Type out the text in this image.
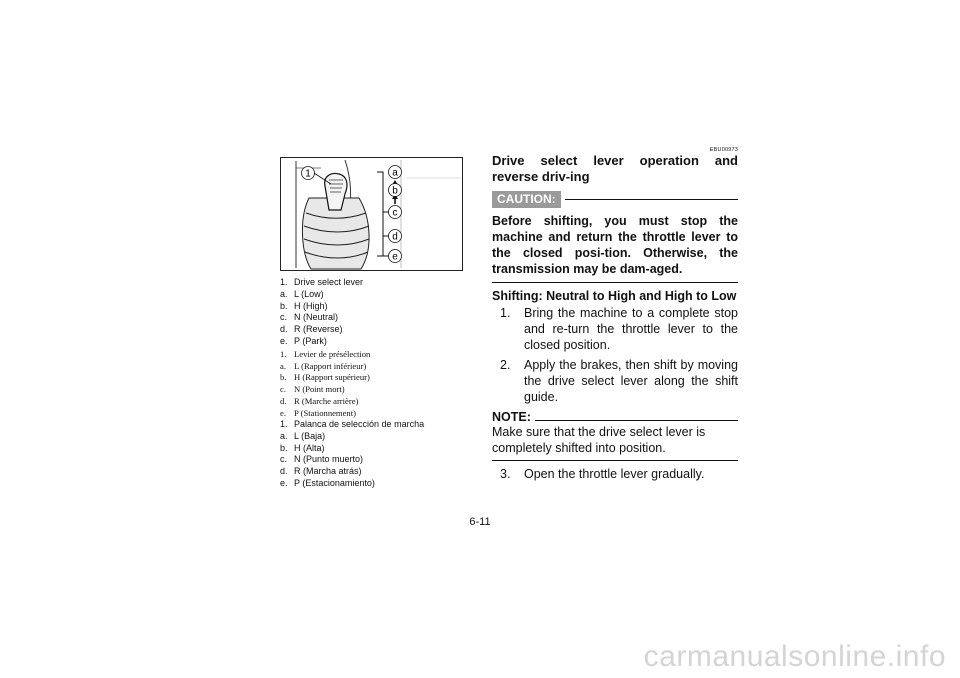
1	a
b
c
d
e
1. Drive select lever
a. L (Low)
b. H (High)
c. N (Neutral)
d. R (Reverse)
e. P (Park)
1. Levier de présélection
a. L (Rapport inférieur)
b. H (Rapport supérieur)
c. N (Point mort)
d. R (Marche arrière)
e. P (Stationnement)
1. Palanca de selección de marcha
a. L (Baja)
b. H (Alta)
c. N (Punto muerto)
d. R (Marcha atrás)
e. P (Estacionamiento)
EBU00973
Drive select lever operation and reverse driv-ing
CAUTION:
Before shifting, you must stop the machine and return the throttle lever to the closed posi-tion. Otherwise, the transmission may be dam-aged.
Shifting: Neutral to High and High to Low
1.	Bring the machine to a complete stop and re-turn the throttle lever to the closed position.
2.	Apply the brakes, then shift by moving the drive select lever along the shift guide.
NOTE:
Make sure that the drive select lever is completely shifted into position.
3.	Open the throttle lever gradually.
6-11
carmanualsonline.info
